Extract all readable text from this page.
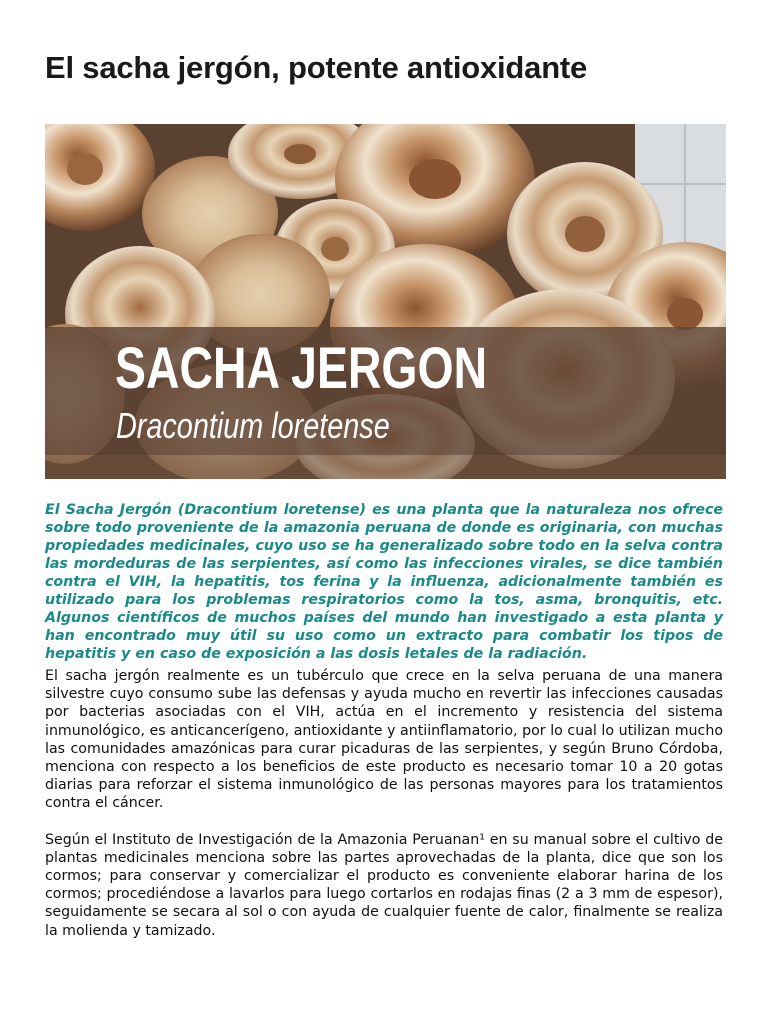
El sacha jergón, potente antioxidante
SACHA JERGON
Dracontium loretense

El Sacha Jergón (Dracontium loretense) es una planta que la naturaleza nos ofrece sobre todo proveniente de la amazonia peruana de donde es originaria, con muchas propiedades medicinales, cuyo uso se ha generalizado sobre todo en la selva contra las mordeduras de las serpientes, así como las infecciones virales, se dice también contra el VIH, la hepatitis, tos ferina y la influenza, adicionalmente también es utilizado para los problemas respiratorios como la tos, asma, bronquitis, etc. Algunos científicos de muchos países del mundo han investigado a esta planta y han encontrado muy útil su uso como un extracto para combatir los tipos de hepatitis y en caso de exposición a las dosis letales de la radiación.

El sacha jergón realmente es un tubérculo que crece en la selva peruana de una manera silvestre cuyo consumo sube las defensas y ayuda mucho en revertir las infecciones causadas por bacterias asociadas con el VIH, actúa en el incremento y resistencia del sistema inmunológico, es anticancerígeno, antioxidante y antiinflamatorio, por lo cual lo utilizan mucho las comunidades amazónicas para curar picaduras de las serpientes, y según Bruno Córdoba, menciona con respecto a los beneficios de este producto es necesario tomar 10 a 20 gotas diarias para reforzar el sistema inmunológico de las personas mayores para los tratamientos contra el cáncer.

Según el Instituto de Investigación de la Amazonia Peruanan¹ en su manual sobre el cultivo de plantas medicinales menciona sobre las partes aprovechadas de la planta, dice que son los cormos; para conservar y comercializar el producto es conveniente elaborar harina de los cormos; procediéndose a lavarlos para luego cortarlos en rodajas finas (2 a 3 mm de espesor), seguidamente se secara al sol o con ayuda de cualquier fuente de calor, finalmente se realiza la molienda y tamizado.
